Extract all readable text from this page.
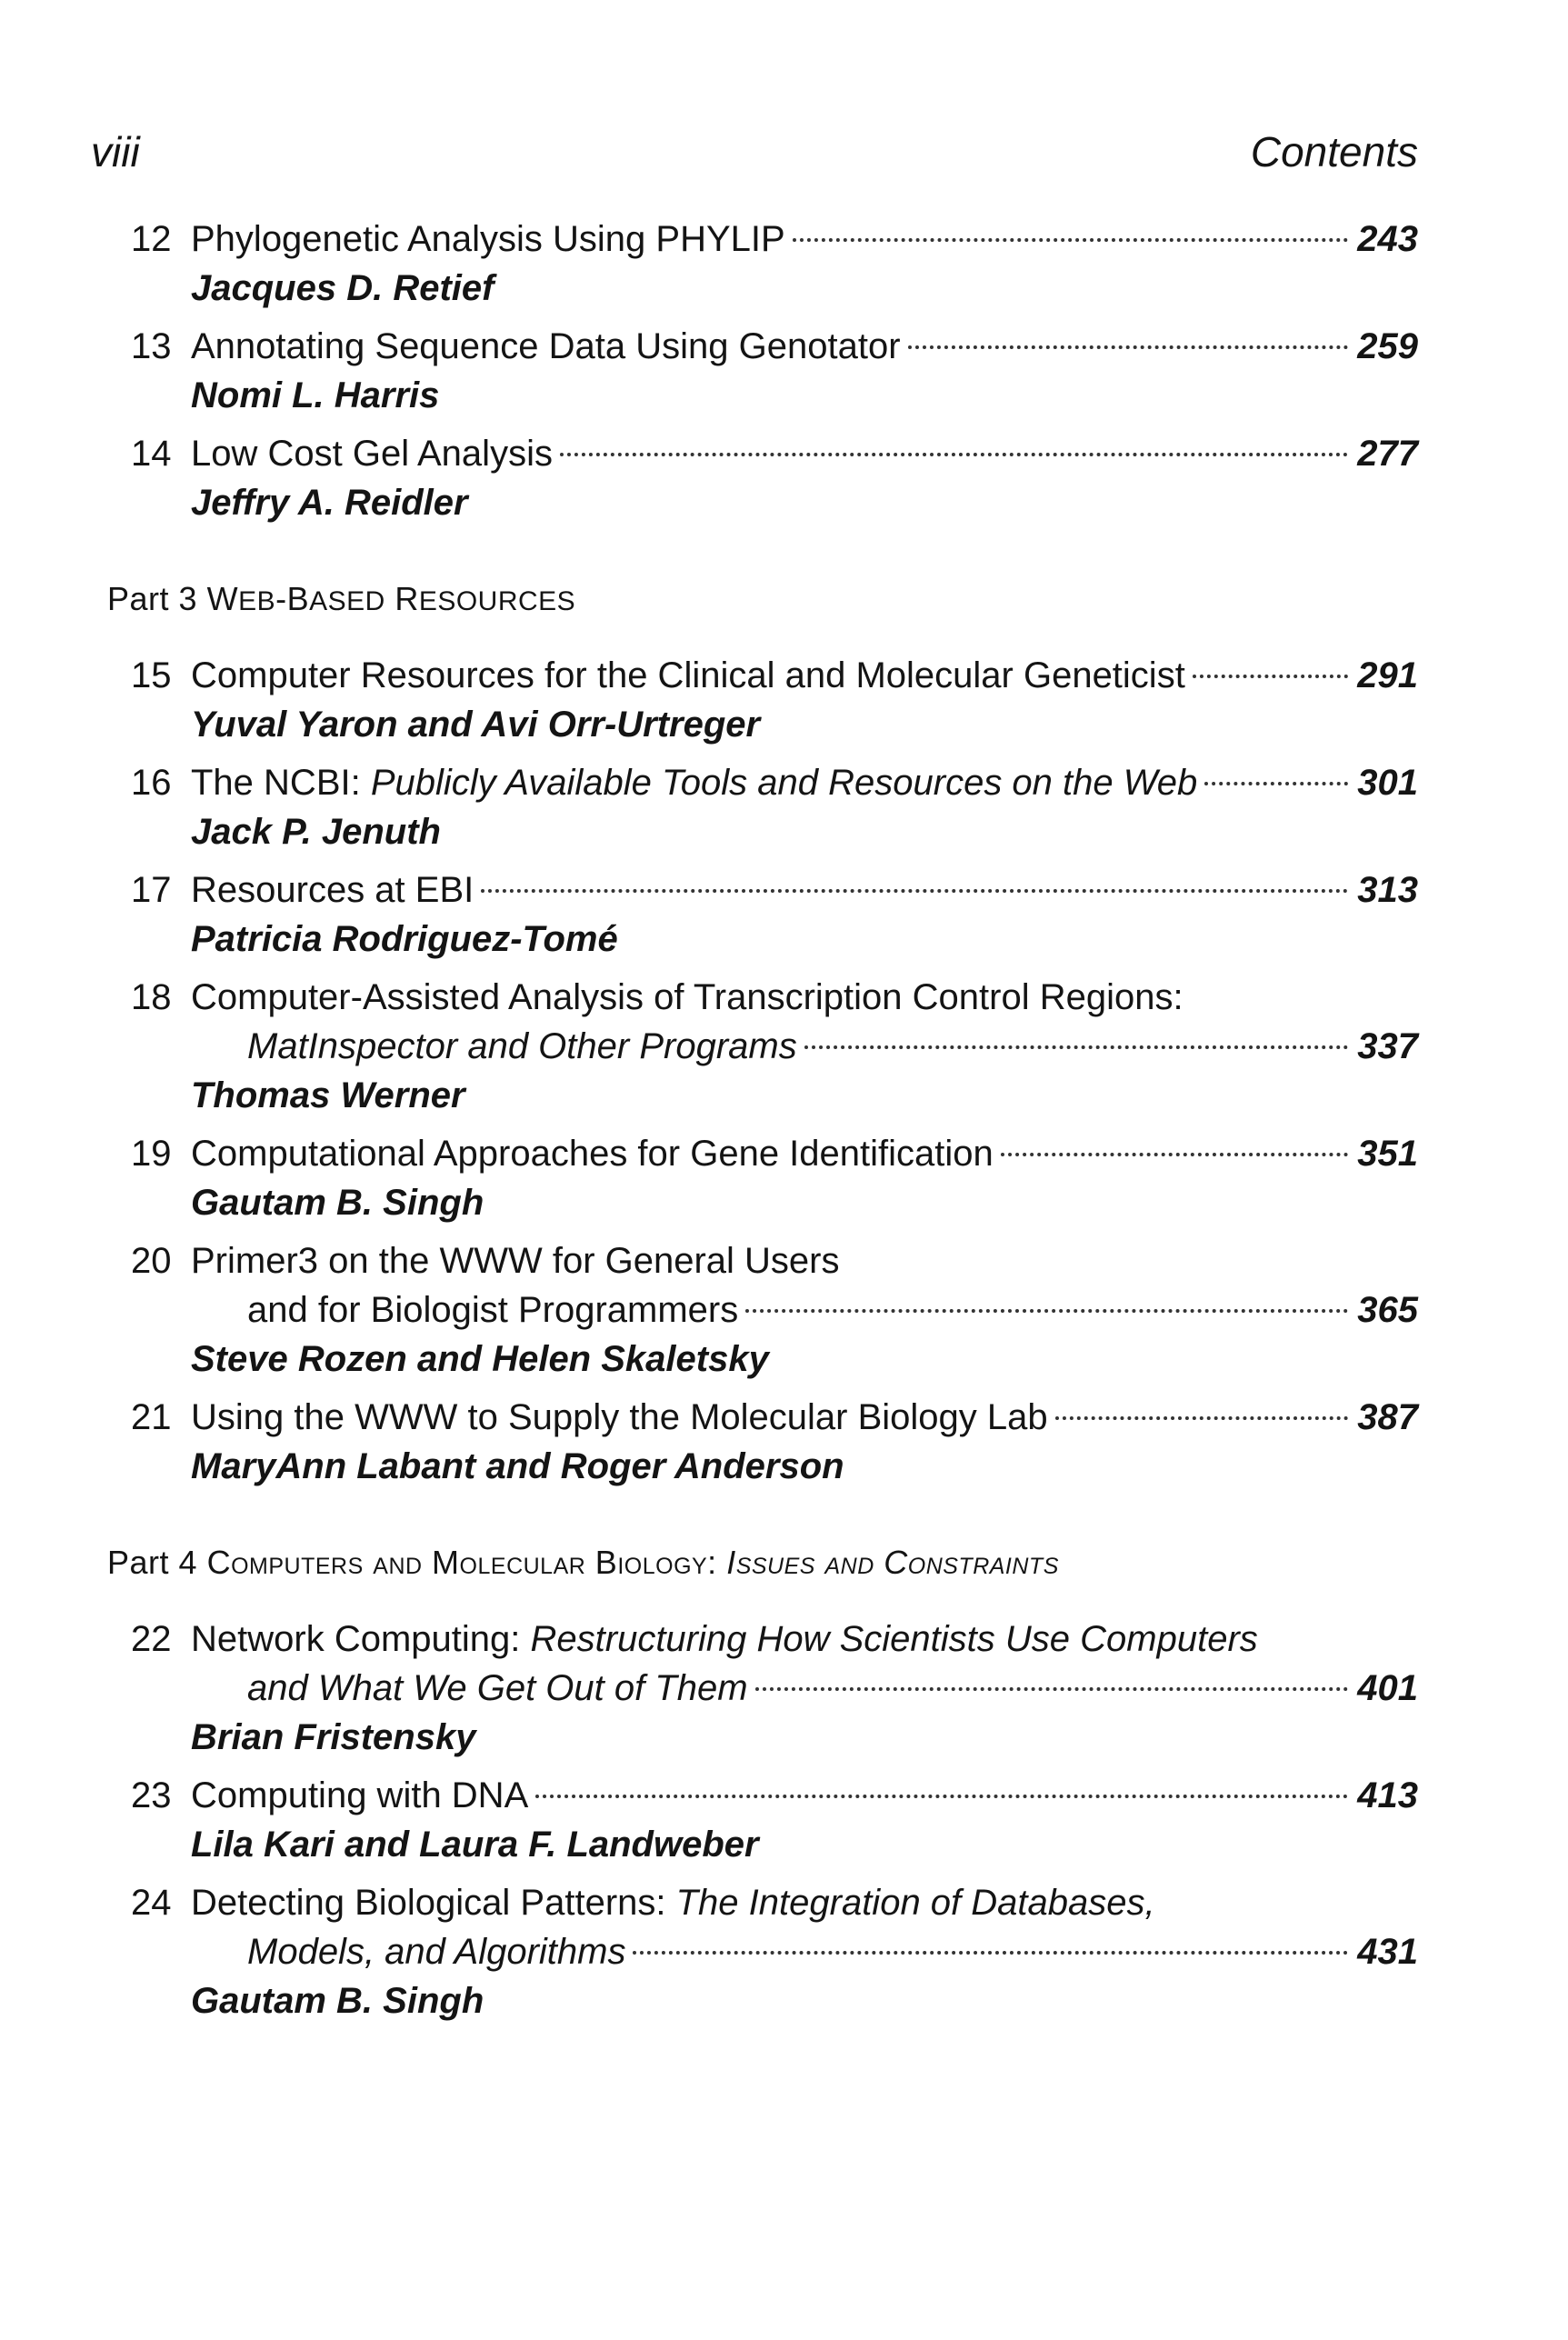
viii	Contents
12 Phylogenetic Analysis Using PHYLIP	243
Jacques D. Retief
13 Annotating Sequence Data Using Genotator	259
Nomi L. Harris
14 Low Cost Gel Analysis	277
Jeffry A. Reidler
Part 3 WEB-BASED RESOURCES
15 Computer Resources for the Clinical and Molecular Geneticist	291
Yuval Yaron and Avi Orr-Urtreger
16 The NCBI: Publicly Available Tools and Resources on the Web	301
Jack P. Jenuth
17 Resources at EBI	313
Patricia Rodriguez-Tomé
18 Computer-Assisted Analysis of Transcription Control Regions:
MatInspector and Other Programs	337
Thomas Werner
19 Computational Approaches for Gene Identification	351
Gautam B. Singh
20 Primer3 on the WWW for General Users
and for Biologist Programmers	365
Steve Rozen and Helen Skaletsky
21 Using the WWW to Supply the Molecular Biology Lab	387
MaryAnn Labant and Roger Anderson
Part 4 Computers and Molecular Biology: Issues and Constraints
22 Network Computing: Restructuring How Scientists Use Computers
and What We Get Out of Them	401
Brian Fristensky
23 Computing with DNA	413
Lila Kari and Laura F. Landweber
24 Detecting Biological Patterns: The Integration of Databases,
Models, and Algorithms	431
Gautam B. Singh
